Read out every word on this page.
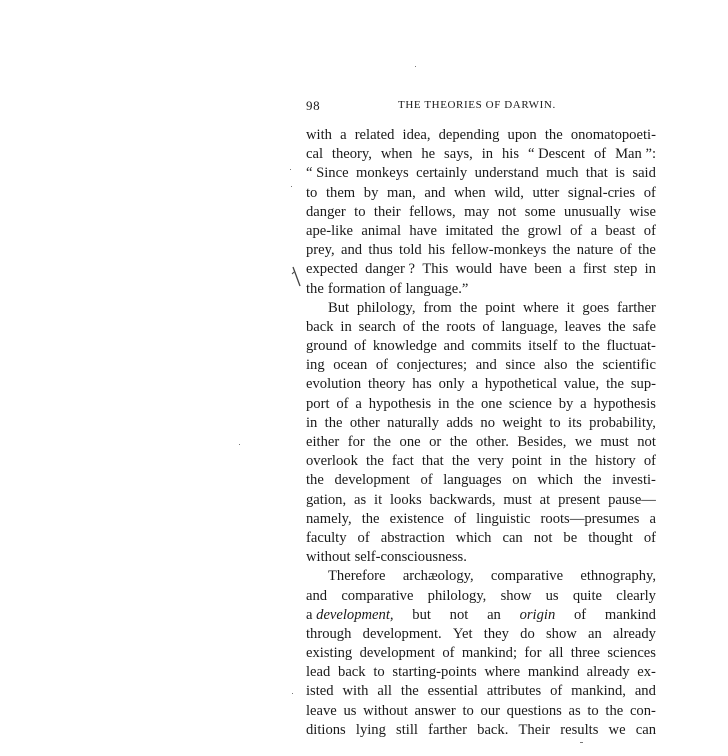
98	THE THEORIES OF DARWIN.
with a related idea, depending upon the onomatopoeti-
cal theory, when he says, in his “ Descent of Man ”:
“ Since monkeys certainly understand much that is said
to them by man, and when wild, utter signal-cries of
danger to their fellows, may not some unusually wise
ape-like animal have imitated the growl of a beast of
prey, and thus told his fellow-monkeys the nature of the
expected danger ? This would have been a first step in
the formation of language.”
But philology, from the point where it goes farther
back in search of the roots of language, leaves the safe
ground of knowledge and commits itself to the fluctuat-
ing ocean of conjectures; and since also the scientific
evolution theory has only a hypothetical value, the sup-
port of a hypothesis in the one science by a hypothesis
in the other naturally adds no weight to its probability,
either for the one or the other. Besides, we must not
overlook the fact that the very point in the history of
the development of languages on which the investi-
gation, as it looks backwards, must at present pause—
namely, the existence of linguistic roots—presumes a
faculty of abstraction which can not be thought of
without self-consciousness.
Therefore archæology, comparative ethnography,
and comparative philology, show us quite clearly
a development, but not an origin of mankind
through development. Yet they do show an already
existing development of mankind; for all three sciences
lead back to starting-points where mankind already ex-
isted with all the essential attributes of mankind, and
leave us without answer to our questions as to the con-
ditions lying still farther back. Their results we can
